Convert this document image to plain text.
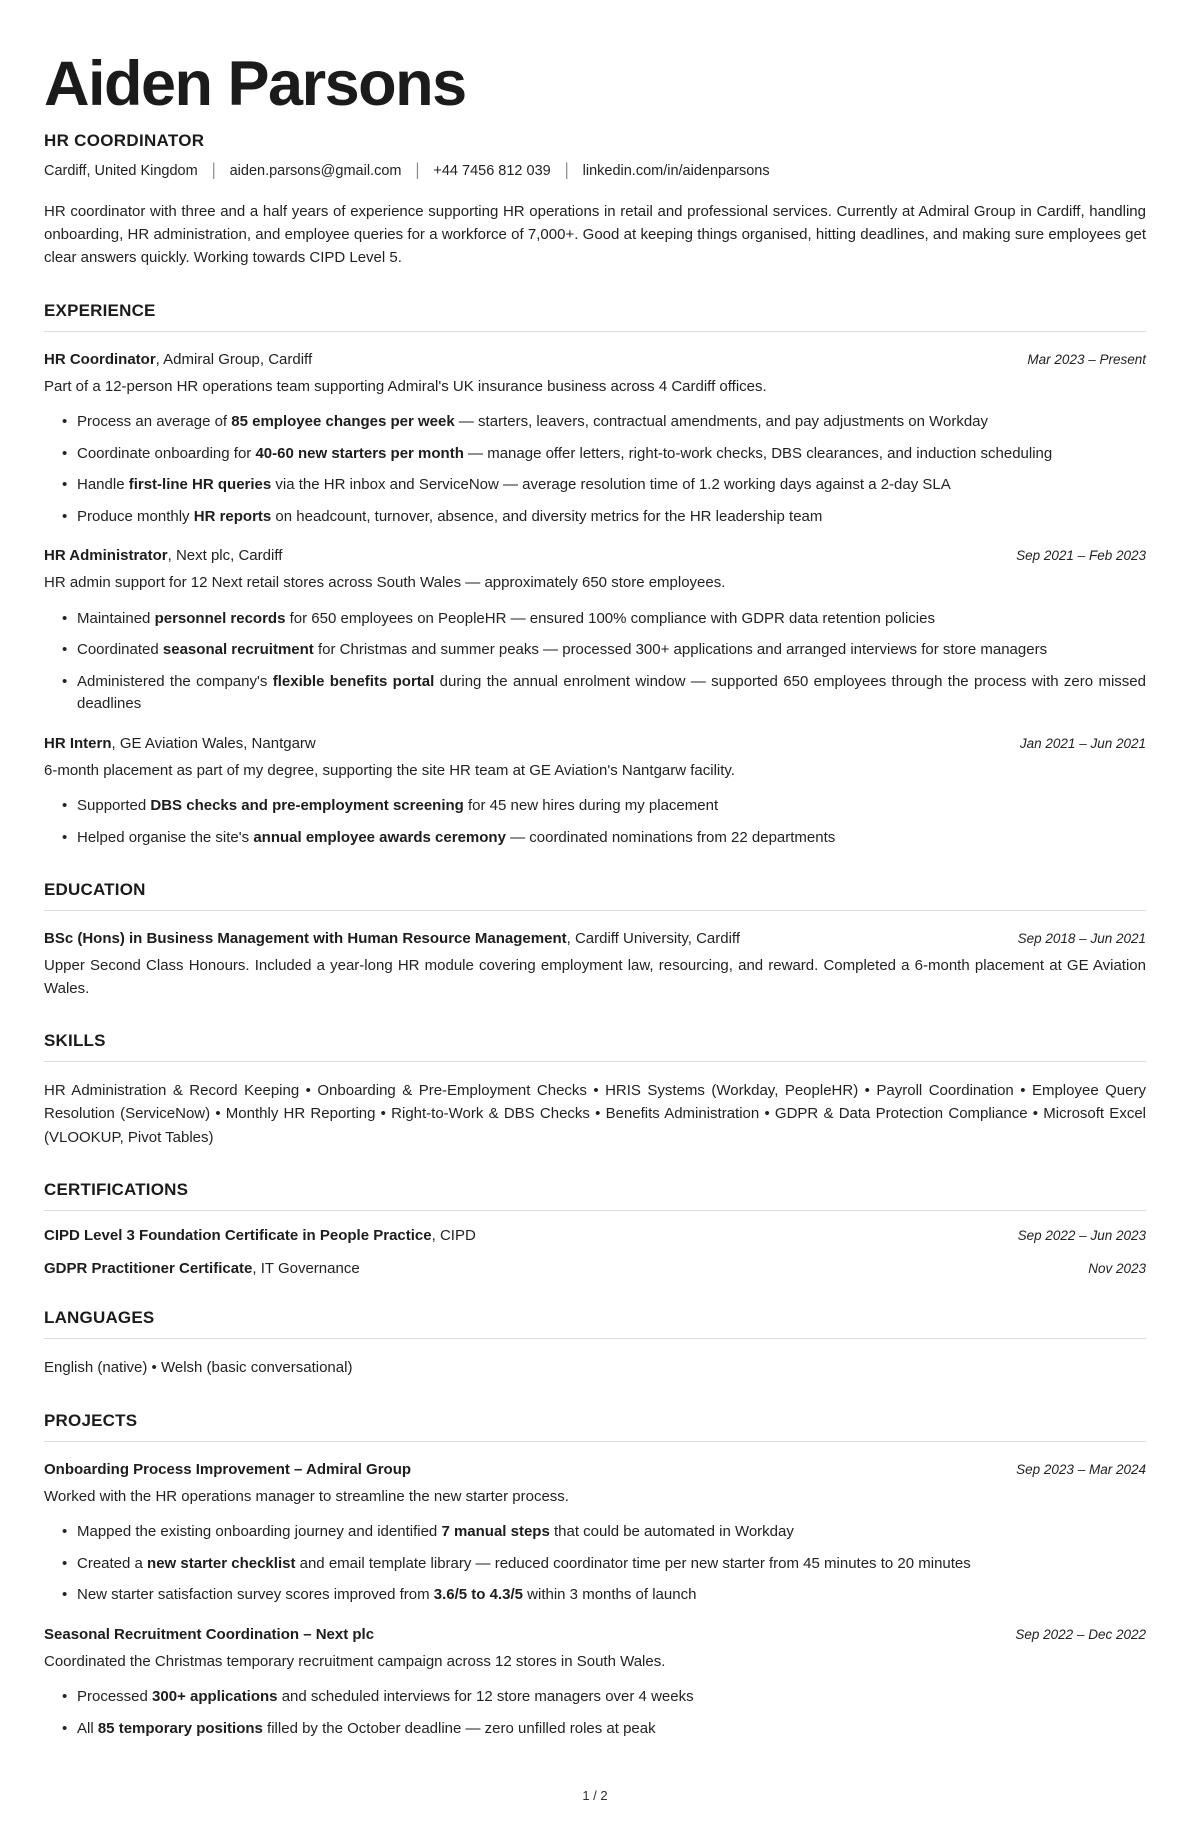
Aiden Parsons
HR COORDINATOR
Cardiff, United Kingdom | aiden.parsons@gmail.com | +44 7456 812 039 | linkedin.com/in/aidenparsons

HR coordinator with three and a half years of experience supporting HR operations in retail and professional services. Currently at Admiral Group in Cardiff, handling onboarding, HR administration, and employee queries for a workforce of 7,000+. Good at keeping things organised, hitting deadlines, and making sure employees get clear answers quickly. Working towards CIPD Level 5.

EXPERIENCE
HR Coordinator, Admiral Group, Cardiff	Mar 2023 – Present

Part of a 12-person HR operations team supporting Admiral's UK insurance business across 4 Cardiff offices.

• Process an average of 85 employee changes per week — starters, leavers, contractual amendments, and pay adjustments on Workday
• Coordinate onboarding for 40-60 new starters per month — manage offer letters, right-to-work checks, DBS clearances, and induction scheduling
• Handle first-line HR queries via the HR inbox and ServiceNow — average resolution time of 1.2 working days against a 2-day SLA
• Produce monthly HR reports on headcount, turnover, absence, and diversity metrics for the HR leadership team
HR Administrator, Next plc, Cardiff	Sep 2021 – Feb 2023

HR admin support for 12 Next retail stores across South Wales — approximately 650 store employees.

• Maintained personnel records for 650 employees on PeopleHR — ensured 100% compliance with GDPR data retention policies
• Coordinated seasonal recruitment for Christmas and summer peaks — processed 300+ applications and arranged interviews for store managers
• Administered the company's flexible benefits portal during the annual enrolment window — supported 650 employees through the process with zero missed deadlines
HR Intern, GE Aviation Wales, Nantgarw	Jan 2021 – Jun 2021

6-month placement as part of my degree, supporting the site HR team at GE Aviation's Nantgarw facility.

• Supported DBS checks and pre-employment screening for 45 new hires during my placement
• Helped organise the site's annual employee awards ceremony — coordinated nominations from 22 departments
EDUCATION
BSc (Hons) in Business Management with Human Resource Management, Cardiff University, Cardiff	Sep 2018 – Jun 2021

Upper Second Class Honours. Included a year-long HR module covering employment law, resourcing, and reward. Completed a 6-month placement at GE Aviation Wales.

SKILLS

HR Administration & Record Keeping • Onboarding & Pre-Employment Checks • HRIS Systems (Workday, PeopleHR) • Payroll Coordination • Employee Query Resolution (ServiceNow) • Monthly HR Reporting • Right-to-Work & DBS Checks • Benefits Administration • GDPR & Data Protection Compliance • Microsoft Excel (VLOOKUP, Pivot Tables)

CERTIFICATIONS
CIPD Level 3 Foundation Certificate in People Practice, CIPD	Sep 2022 – Jun 2023
GDPR Practitioner Certificate, IT Governance	Nov 2023
LANGUAGES

English (native) • Welsh (basic conversational)

PROJECTS
Onboarding Process Improvement – Admiral Group	Sep 2023 – Mar 2024

Worked with the HR operations manager to streamline the new starter process.

• Mapped the existing onboarding journey and identified 7 manual steps that could be automated in Workday
• Created a new starter checklist and email template library — reduced coordinator time per new starter from 45 minutes to 20 minutes
• New starter satisfaction survey scores improved from 3.6/5 to 4.3/5 within 3 months of launch
Seasonal Recruitment Coordination – Next plc	Sep 2022 – Dec 2022

Coordinated the Christmas temporary recruitment campaign across 12 stores in South Wales.

• Processed 300+ applications and scheduled interviews for 12 store managers over 4 weeks
• All 85 temporary positions filled by the October deadline — zero unfilled roles at peak
1 / 2
